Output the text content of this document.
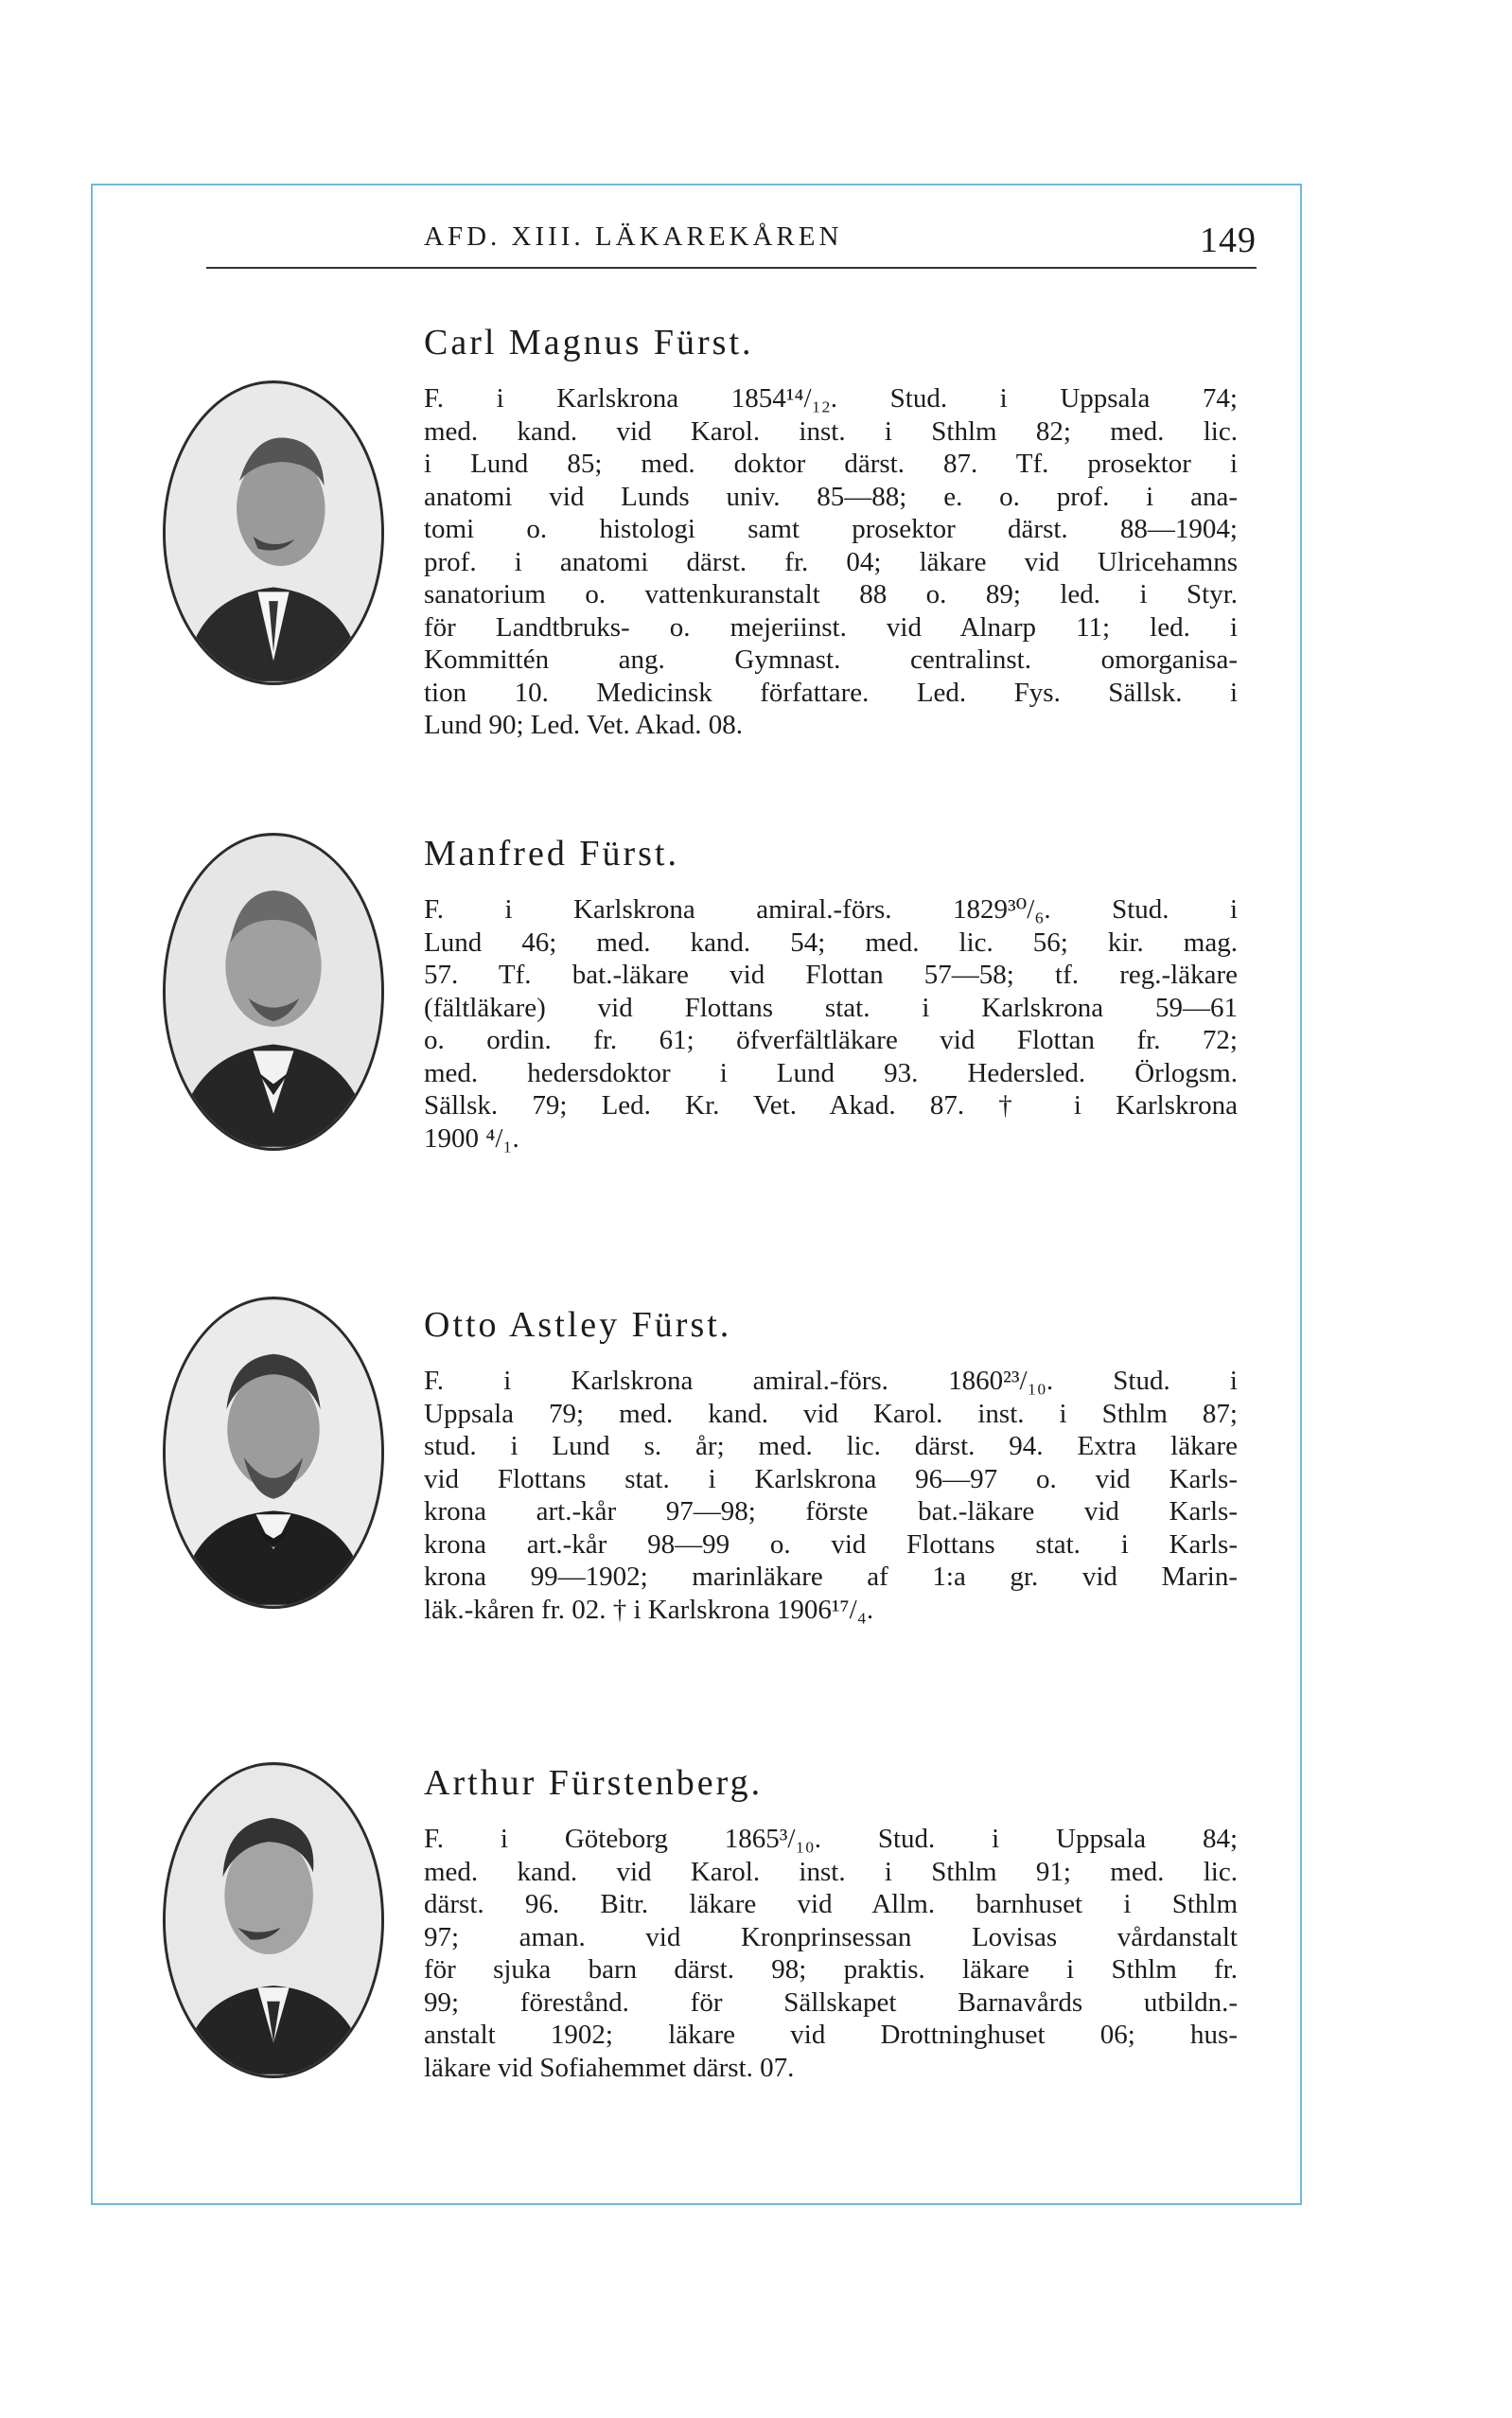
AFD. XIII. LÄKAREKÅREN	149
Carl Magnus Fürst.
F. i Karlskrona 1854¹⁴/₁₂. Stud. i Uppsala 74;
med. kand. vid Karol. inst. i Sthlm 82; med. lic.
i Lund 85; med. doktor därst. 87. Tf. prosektor i
anatomi vid Lunds univ. 85—88; e. o. prof. i ana-
tomi o. histologi samt prosektor därst. 88—1904;
prof. i anatomi därst. fr. 04; läkare vid Ulricehamns
sanatorium o. vattenkuranstalt 88 o. 89; led. i Styr.
för Landtbruks- o. mejeriinst. vid Alnarp 11; led. i
Kommittén ang. Gymnast. centralinst. omorganisa-
tion 10. Medicinsk författare. Led. Fys. Sällsk. i
Lund 90; Led. Vet. Akad. 08.
Manfred Fürst.
F. i Karlskrona amiral.-förs. 1829³⁰/₆. Stud. i
Lund 46; med. kand. 54; med. lic. 56; kir. mag.
57. Tf. bat.-läkare vid Flottan 57—58; tf. reg.-läkare
(fältläkare) vid Flottans stat. i Karlskrona 59—61
o. ordin. fr. 61; öfverfältläkare vid Flottan fr. 72;
med. hedersdoktor i Lund 93. Hedersled. Örlogsm.
Sällsk. 79; Led. Kr. Vet. Akad. 87. † i Karlskrona
1900 ⁴/₁.
Otto Astley Fürst.
F. i Karlskrona amiral.-förs. 1860²³/₁₀. Stud. i
Uppsala 79; med. kand. vid Karol. inst. i Sthlm 87;
stud. i Lund s. år; med. lic. därst. 94. Extra läkare
vid Flottans stat. i Karlskrona 96—97 o. vid Karls-
krona art.-kår 97—98; förste bat.-läkare vid Karls-
krona art.-kår 98—99 o. vid Flottans stat. i Karls-
krona 99—1902; marinläkare af 1:a gr. vid Marin-
läk.-kåren fr. 02. † i Karlskrona 1906¹⁷/₄.
Arthur Fürstenberg.
F. i Göteborg 1865³/₁₀. Stud. i Uppsala 84;
med. kand. vid Karol. inst. i Sthlm 91; med. lic.
därst. 96. Bitr. läkare vid Allm. barnhuset i Sthlm
97; aman. vid Kronprinsessan Lovisas vårdanstalt
för sjuka barn därst. 98; praktis. läkare i Sthlm fr.
99; förestånd. för Sällskapet Barnavårds utbildn.-
anstalt 1902; läkare vid Drottninghuset 06; hus-
läkare vid Sofiahemmet därst. 07.
